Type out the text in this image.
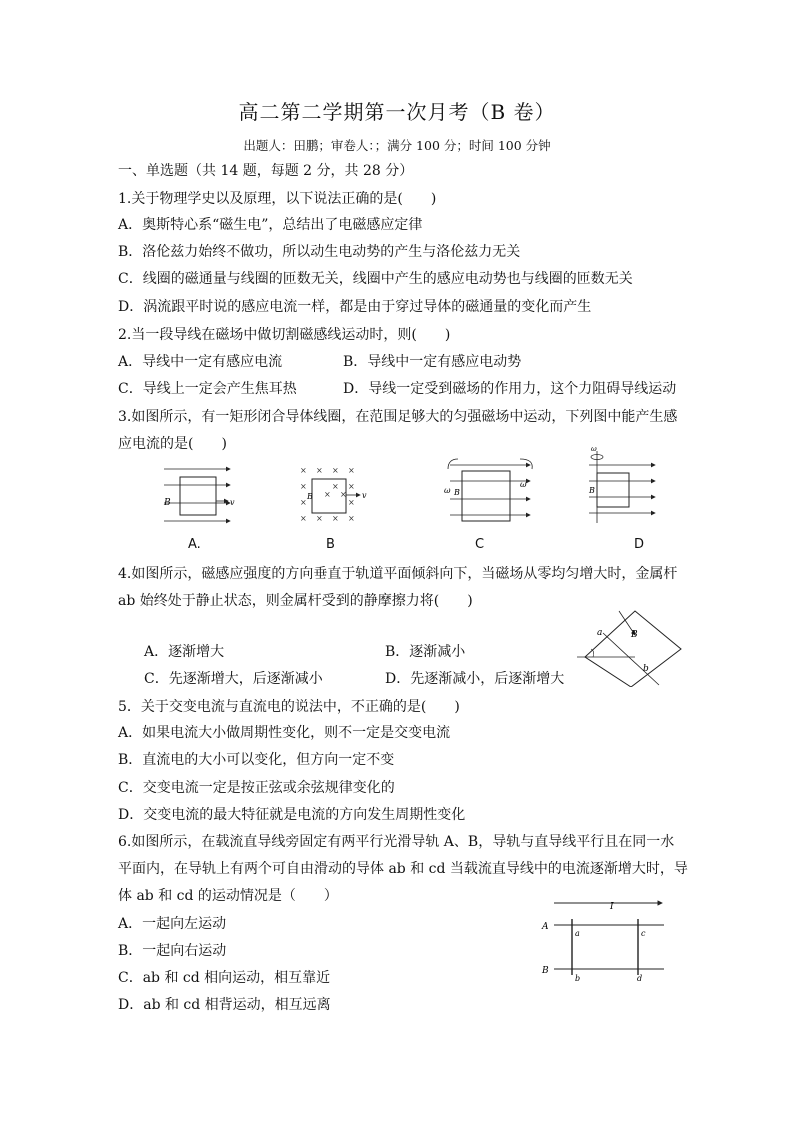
高二第二学期第一次月考（B 卷）
出题人：田鹏；审卷人：；满分 100 分；时间 100 分钟
一、单选题（共 14 题，每题 2 分，共 28 分）
1.关于物理学史以及原理，以下说法正确的是(　　)
A．奥斯特心系“磁生电”，总结出了电磁感应定律
B．洛伦兹力始终不做功，所以动生电动势的产生与洛伦兹力无关
C．线圈的磁通量与线圈的匝数无关，线圈中产生的感应电动势也与线圈的匝数无关
D．涡流跟平时说的感应电流一样，都是由于穿过导体的磁通量的变化而产生
2.当一段导线在磁场中做切割磁感线运动时，则(　　)
A．导线中一定有感应电流	B．导线中一定有感应电动势
C．导线上一定会产生焦耳热	D．导线一定受到磁场的作用力，这个力阻碍导线运动
3.如图所示，有一矩形闭合导体线圈，在范围足够大的匀强磁场中运动，下列图中能产生感
应电流的是(　　)
B	v
A.
× × × ×
×	× ×
×
× ×
×
× × × ×
B	v
B
ω
ω
B
C
ω
B
D
4.如图所示，磁感应强度的方向垂直于轨道平面倾斜向下，当磁场从零均匀增大时，金属杆
ab 始终处于静止状态，则金属杆受到的静摩擦力将(　　)
A．逐渐增大	B．逐渐减小
C．先逐渐增大，后逐渐减小	D．先逐渐减小，后逐渐增大
a
b
B
5．关于交变电流与直流电的说法中，不正确的是(　　)
A．如果电流大小做周期性变化，则不一定是交变电流
B．直流电的大小可以变化，但方向一定不变
C．交变电流一定是按正弦或余弦规律变化的
D．交变电流的最大特征就是电流的方向发生周期性变化
6.如图所示，在载流直导线旁固定有两平行光滑导轨 A、B，导轨与直导线平行且在同一水
平面内，在导轨上有两个可自由滑动的导体 ab 和 cd 当载流直导线中的电流逐渐增大时，导
体 ab 和 cd 的运动情况是（　　）
A．一起向左运动
B．一起向右运动
C．ab 和 cd 相向运动，相互靠近
D．ab 和 cd 相背运动，相互远离
I
A
B
a
b
c
d
